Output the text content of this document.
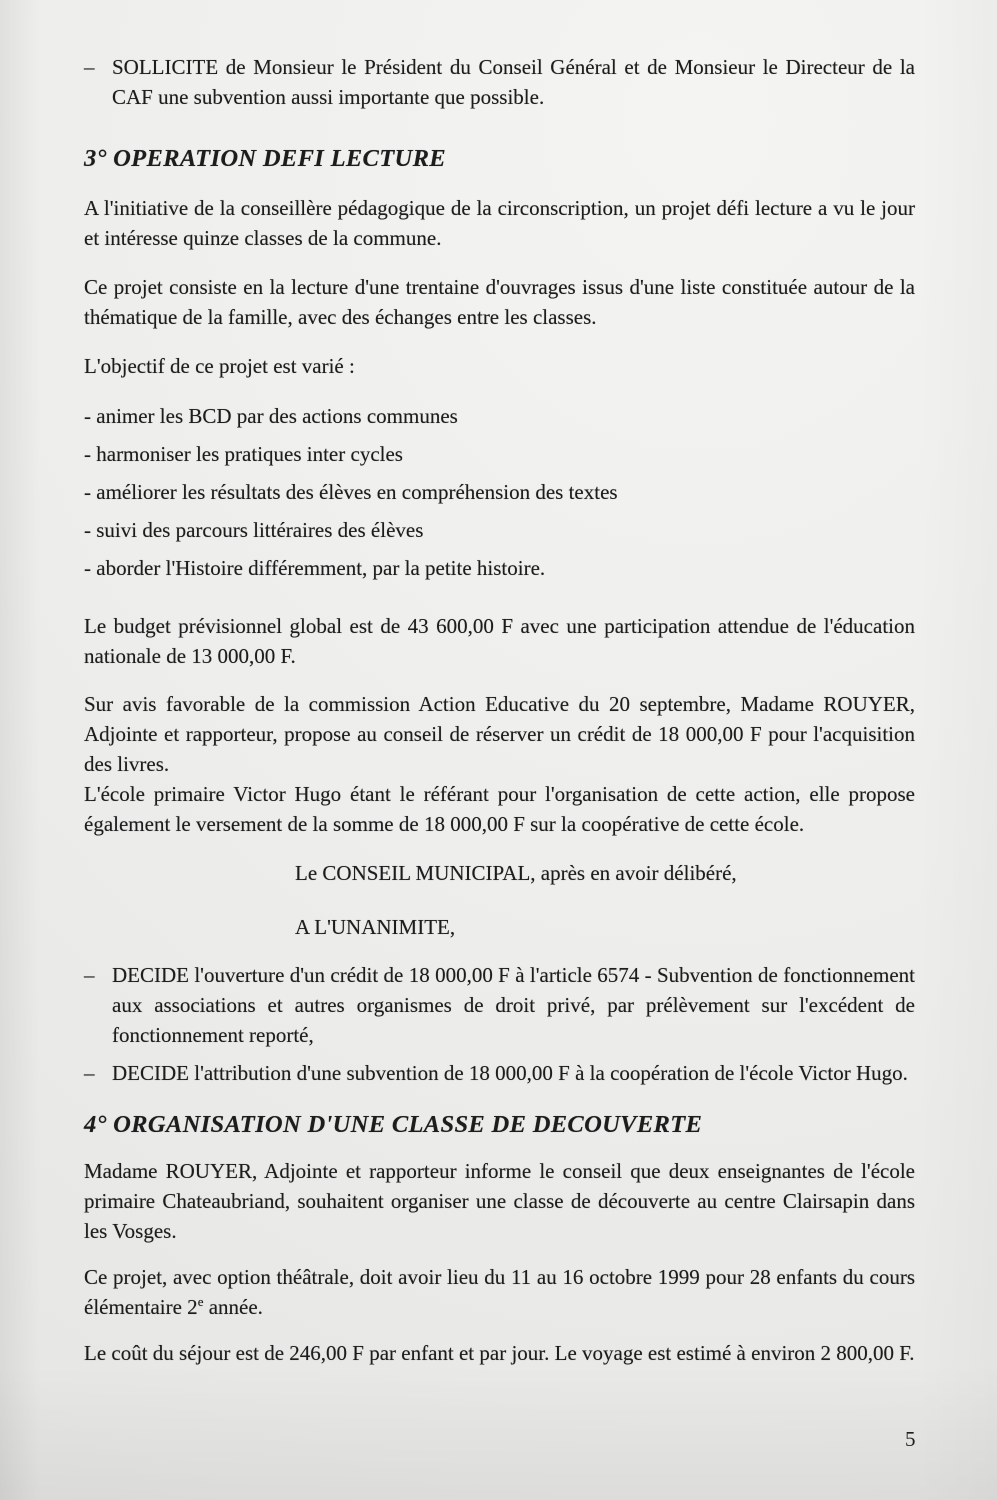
– SOLLICITE de Monsieur le Président du Conseil Général et de Monsieur le Directeur de la CAF une subvention aussi importante que possible.

3° OPERATION DEFI LECTURE

A l'initiative de la conseillère pédagogique de la circonscription, un projet défi lecture a vu le jour et intéresse quinze classes de la commune.

Ce projet consiste en la lecture d'une trentaine d'ouvrages issus d'une liste constituée autour de la thématique de la famille, avec des échanges entre les classes.

L'objectif de ce projet est varié :

- animer les BCD par des actions communes

- harmoniser les pratiques inter cycles

- améliorer les résultats des élèves en compréhension des textes

- suivi des parcours littéraires des élèves

- aborder l'Histoire différemment, par la petite histoire.

Le budget prévisionnel global est de 43 600,00 F avec une participation attendue de l'éducation nationale de 13 000,00 F.

Sur avis favorable de la commission Action Educative du 20 septembre, Madame ROUYER, Adjointe et rapporteur, propose au conseil de réserver un crédit de 18 000,00 F pour l'acquisition des livres.

L'école primaire Victor Hugo étant le référant pour l'organisation de cette action, elle propose également le versement de la somme de 18 000,00 F sur la coopérative de cette école.

Le CONSEIL MUNICIPAL, après en avoir délibéré,

A L'UNANIMITE,

– DECIDE l'ouverture d'un crédit de 18 000,00 F à l'article 6574 - Subvention de fonctionnement aux associations et autres organismes de droit privé, par prélèvement sur l'excédent de fonctionnement reporté,

– DECIDE l'attribution d'une subvention de 18 000,00 F à la coopération de l'école Victor Hugo.

4° ORGANISATION D'UNE CLASSE DE DECOUVERTE

Madame ROUYER, Adjointe et rapporteur informe le conseil que deux enseignantes de l'école primaire Chateaubriand, souhaitent organiser une classe de découverte au centre Clairsapin dans les Vosges.

Ce projet, avec option théâtrale, doit avoir lieu du 11 au 16 octobre 1999 pour 28 enfants du cours élémentaire 2e année.

Le coût du séjour est de 246,00 F par enfant et par jour. Le voyage est estimé à environ 2 800,00 F.

5
